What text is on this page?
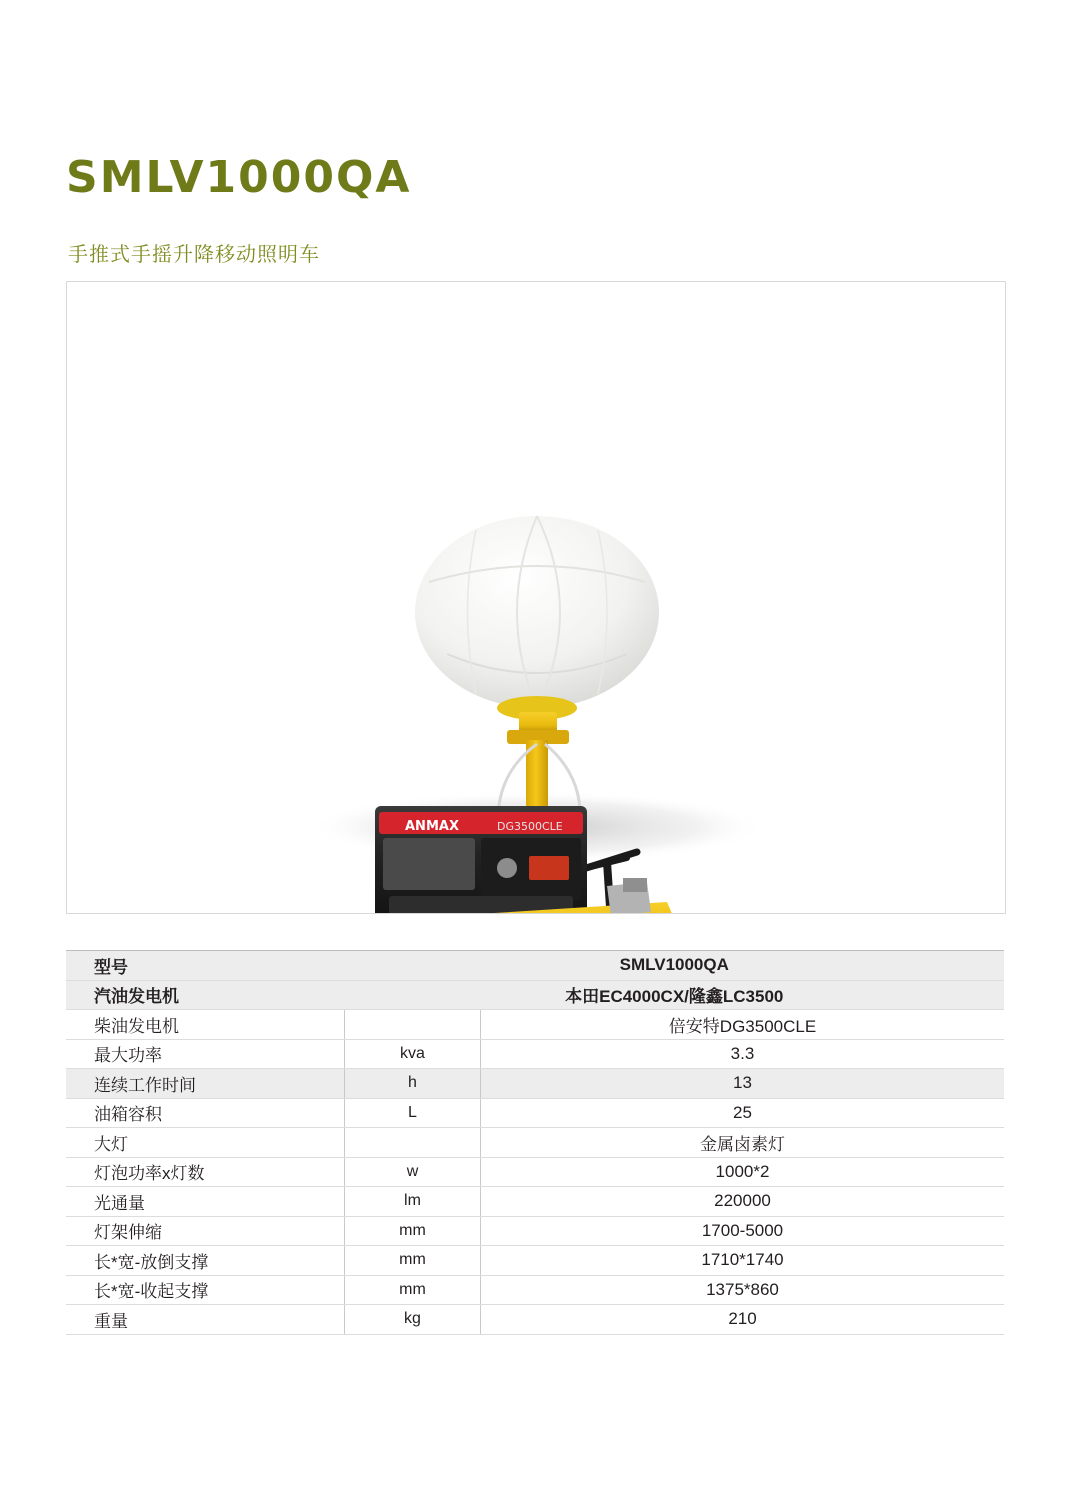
SMLV1000QA
手推式手摇升降移动照明车
ANMAX	DG3500CLE
型号	SMLV1000QA	
汽油发电机	本田EC4000CX/隆鑫LC3500	
柴油发电机		倍安特DG3500CLE
最大功率	kva	3.3
连续工作时间	h	13
油箱容积	L	25
大灯		金属卤素灯
灯泡功率x灯数	w	1000*2
光通量	lm	220000
灯架伸缩	mm	1700-5000
长*宽-放倒支撑	mm	1710*1740
长*宽-收起支撑	mm	1375*860
重量	kg	210
